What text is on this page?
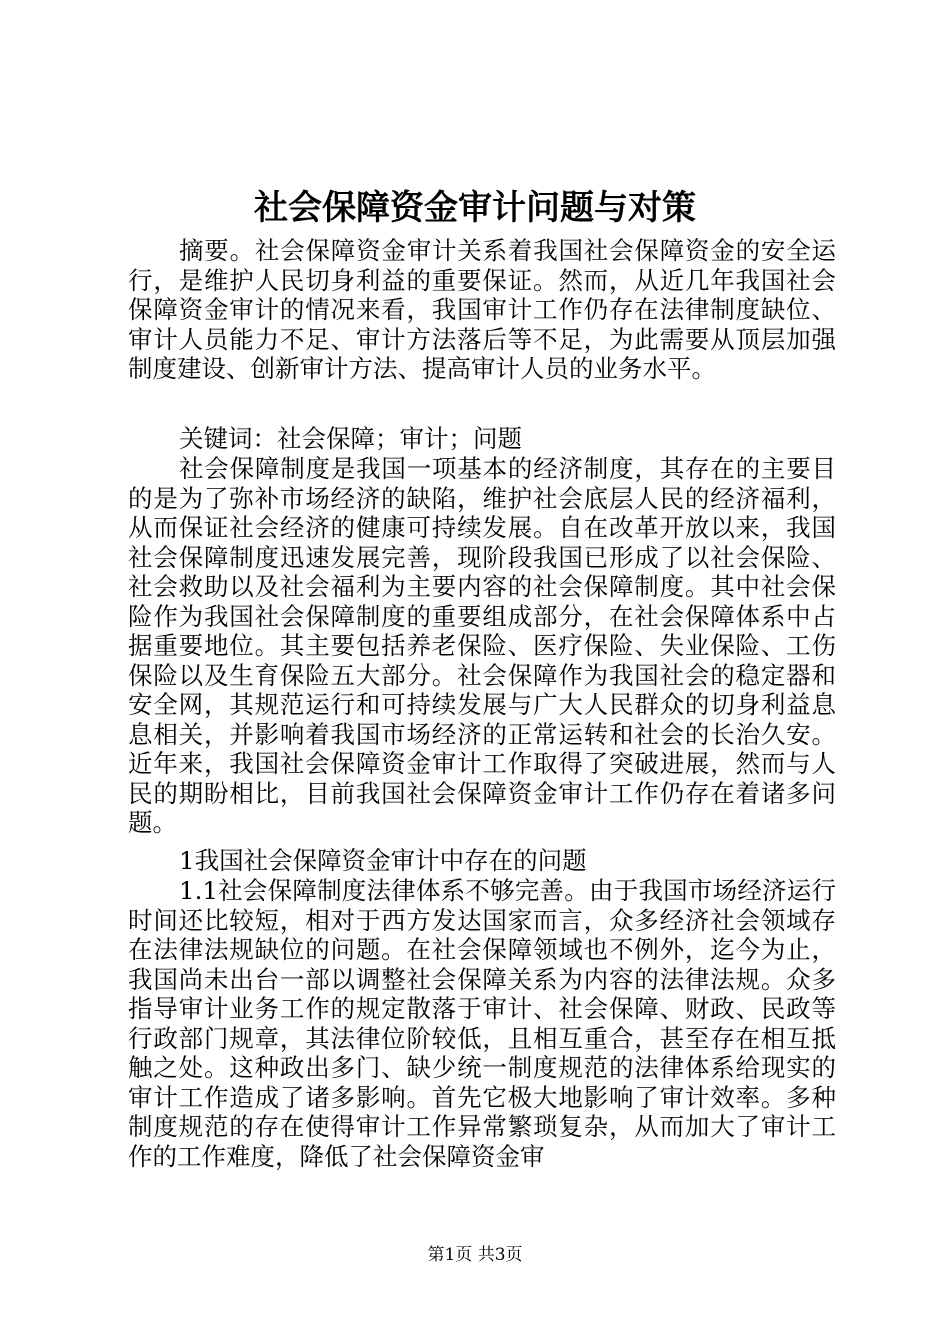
社会保障资金审计问题与对策

摘要。社会保障资金审计关系着我国社会保障资金的安全运行，是维护人民切身利益的重要保证。然而，从近几年我国社会保障资金审计的情况来看，我国审计工作仍存在法律制度缺位、审计人员能力不足、审计方法落后等不足，为此需要从顶层加强制度建设、创新审计方法、提高审计人员的业务水平。

关键词：社会保障；审计；问题

社会保障制度是我国一项基本的经济制度，其存在的主要目的是为了弥补市场经济的缺陷，维护社会底层人民的经济福利，从而保证社会经济的健康可持续发展。自在改革开放以来，我国社会保障制度迅速发展完善，现阶段我国已形成了以社会保险、社会救助以及社会福利为主要内容的社会保障制度。其中社会保险作为我国社会保障制度的重要组成部分，在社会保障体系中占据重要地位。其主要包括养老保险、医疗保险、失业保险、工伤保险以及生育保险五大部分。社会保障作为我国社会的稳定器和安全网，其规范运行和可持续发展与广大人民群众的切身利益息息相关，并影响着我国市场经济的正常运转和社会的长治久安。近年来，我国社会保障资金审计工作取得了突破进展，然而与人民的期盼相比，目前我国社会保障资金审计工作仍存在着诸多问题。

1我国社会保障资金审计中存在的问题

1.1社会保障制度法律体系不够完善。由于我国市场经济运行时间还比较短，相对于西方发达国家而言，众多经济社会领域存在法律法规缺位的问题。在社会保障领域也不例外，迄今为止，我国尚未出台一部以调整社会保障关系为内容的法律法规。众多指导审计业务工作的规定散落于审计、社会保障、财政、民政等行政部门规章，其法律位阶较低，且相互重合，甚至存在相互抵触之处。这种政出多门、缺少统一制度规范的法律体系给现实的审计工作造成了诸多影响。首先它极大地影响了审计效率。多种制度规范的存在使得审计工作异常繁琐复杂，从而加大了审计工作的工作难度，降低了社会保障资金审

第1页 共3页
